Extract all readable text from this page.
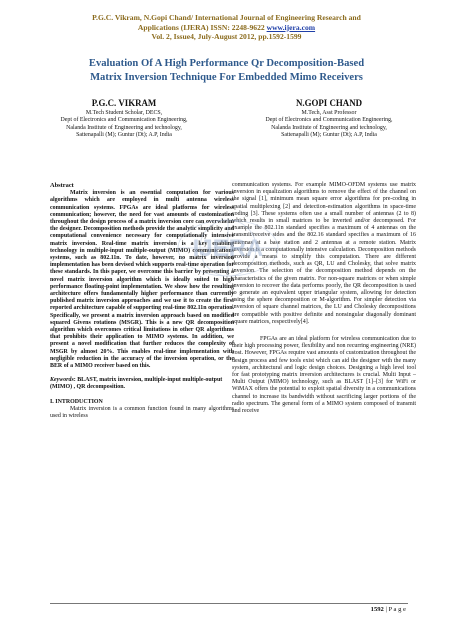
P.G.C. Vikram, N.Gopi Chand/ International Journal of Engineering Research and
Applications (IJERA) ISSN: 2248-9622 www.ijera.com
Vol. 2, Issue4, July-August 2012, pp.1592-1599
Evaluation Of A High Performance Qr Decomposition-Based
Matrix Inversion Technique For Embedded Mimo Receivers
P.G.C. VIKRAM
M.Tech Student Scholar, DECS,
Dept of Electronics and Communication Engineering,
Nalanda Institute of Engineering and technology,
Sattenapalli (M); Guntur (Dt); A.P, India
N.GOPI CHAND
M.Tech, Asst Professor
Dept of Electronics and Communication Engineering,
Nalanda Institute of Engineering and technology,
Sattenapalli (M); Guntur (Dt); A.P, India
Abstract
Matrix inversion is an essential computation for various algorithms which are employed in multi antenna wireless communication systems. FPGAs are ideal platforms for wireless communication; however, the need for vast amounts of customization throughout the design process of a matrix inversion core can overwhelm the designer. Decomposition methods provide the analytic simplicity and computational convenience necessary for computationally intensive matrix inversion. Real-time matrix inversion is a key enabling technology in multiple-input multiple-output (MIMO) communications systems, such as 802.11n. To date, however, no matrix inversion implementation has been devised which supports real-time operation for these standards. In this paper, we overcome this barrier by presenting a novel matrix inversion algorithm which is ideally suited to high performance floating-point implementation. We show how the resulting architecture offers fundamentally higher performance than currently published matrix inversion approaches and we use it to create the first reported architecture capable of supporting real-time 802.11n operation. Specifically, we present a matrix inversion approach based on modified squared Givens rotations (MSGR). This is a new QR decomposition algorithm which overcomes critical limitations in other QR algorithms that prohibits their application to MIMO systems. In addition, we present a novel modification that further reduces the complexity of MSGR by almost 20%. This enables real-time implementation with negligible reduction in the accuracy of the inversion operation, or the BER of a MIMO receiver based on this.
Keywords: BLAST, matrix inversion, multiple-input multiple-output (MIMO) , QR decomposition.
I. INTRODUCTION
Matrix inversion is a common function found in many algorithms used in wireless
communication systems. For example MIMO-OFDM systems use matrix inversion in equalization algorithms to remove the effect of the channel on the signal [1], minimum mean square error algorithms for pre-coding in spatial multiplexing [2] and detection-estimation algorithms in space-time coding [3]. These systems often use a small number of antennas (2 to 8) which results in small matrices to be inverted and/or decomposed. For example the 802.11n standard specifies a maximum of 4 antennas on the transmit/receive sides and the 802.16 standard specifies a maximum of 16 antennas at a base station and 2 antennas at a remote station. Matrix inversion is a computationally intensive calculation. Decomposition methods provide a means to simplify this computation. There are different decomposition methods, such as QR, LU and Cholesky, that solve matrix inversion. The selection of the decomposition method depends on the characteristics of the given matrix. For non-square matrices or when simple inversion to recover the data performs poorly, the QR decomposition is used to generate an equivalent upper triangular system, allowing for detection using the sphere decomposition or M-algorithm. For simpler detection via inversion of square channel matrices, the LU and Cholesky decompositions are compatible with positive definite and nonsingular diagonally dominant square matrices, respectively[4].
FPGAs are an ideal platform for wireless communication due to their high processing power, flexibility and non recurring engineering (NRE) cost. However, FPGAs require vast amounts of customization throughout the design process and few tools exist which can aid the designer with the many system, architectural and logic design choices. Designing a high level tool for fast prototyping matrix inversion architectures is crucial. Multi Input – Multi Output (MIMO) technology, such as BLAST [1]–[3] for WiFi or WiMAX offers the potential to exploit spatial diversity in a communications channel to increase its bandwidth without sacrificing larger portions of the radio spectrum. The general form of a MIMO system composed of transmit and receive
IJERA
1592 | P a g e
